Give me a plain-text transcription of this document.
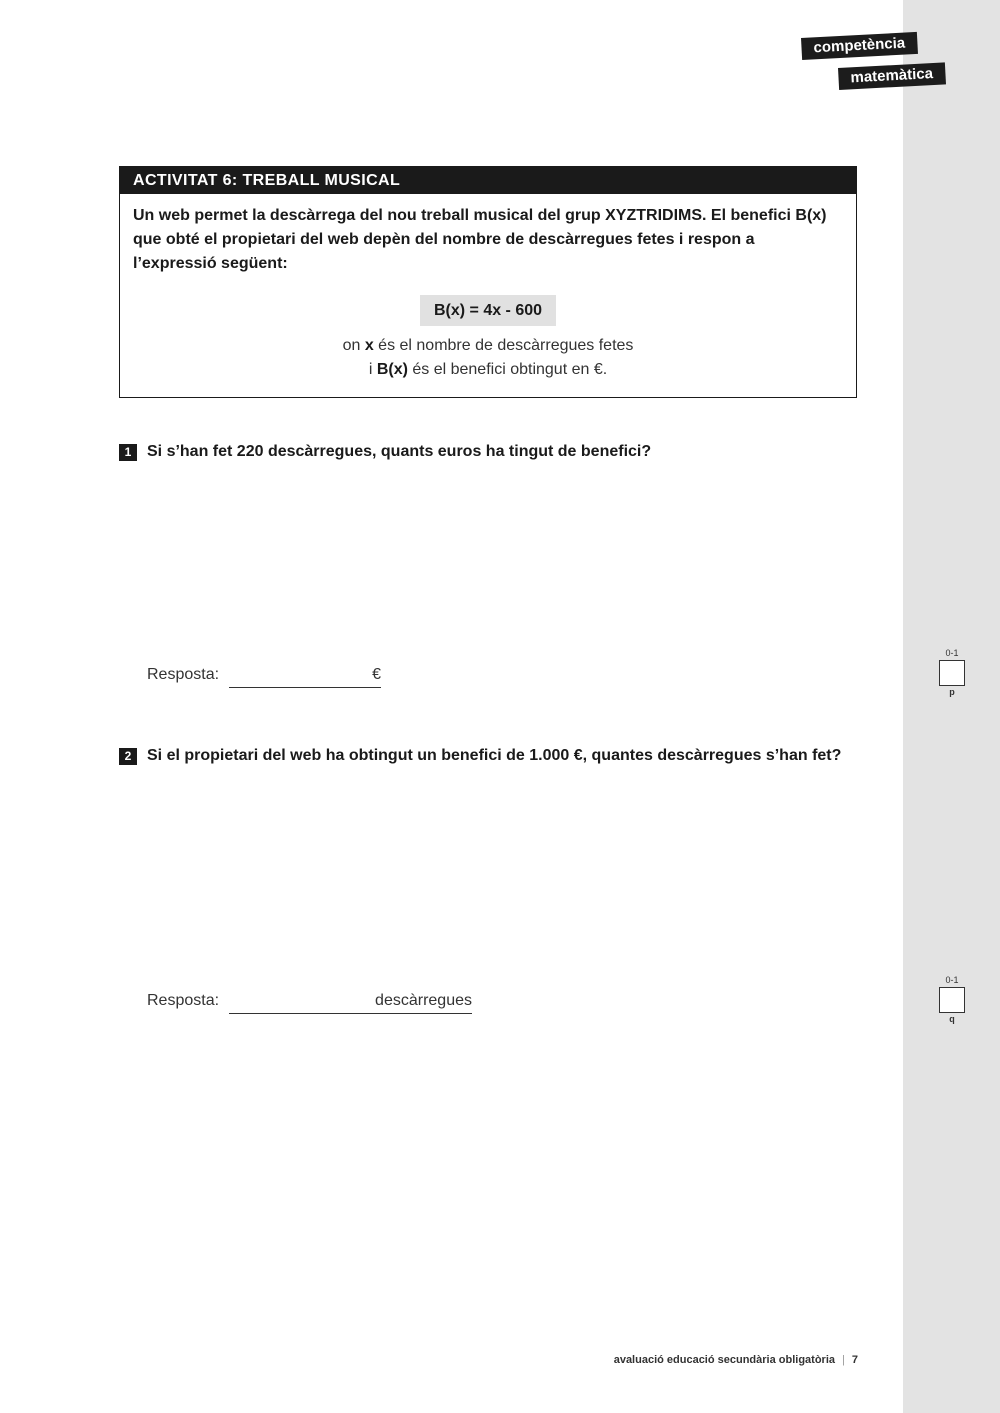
competència
matemàtica
ACTIVITAT 6: TREBALL MUSICAL

Un web permet la descàrrega del nou treball musical del grup XYZTRIDIMS. El benefici B(x) que obté el propietari del web depèn del nombre de descàrregues fetes i respon a l’expressió següent:

B(x) = 4x - 600
on x és el nombre de descàrregues fetes
i B(x) és el benefici obtingut en €.
1 Si s’han fet 220 descàrregues, quants euros ha tingut de benefici?
Resposta:	€
0-1
p
2 Si el propietari del web ha obtingut un benefici de 1.000 €, quantes descàrregues s’han fet?
Resposta:	descàrregues
0-1
q
avaluació educació secundària obligatòria | 7
